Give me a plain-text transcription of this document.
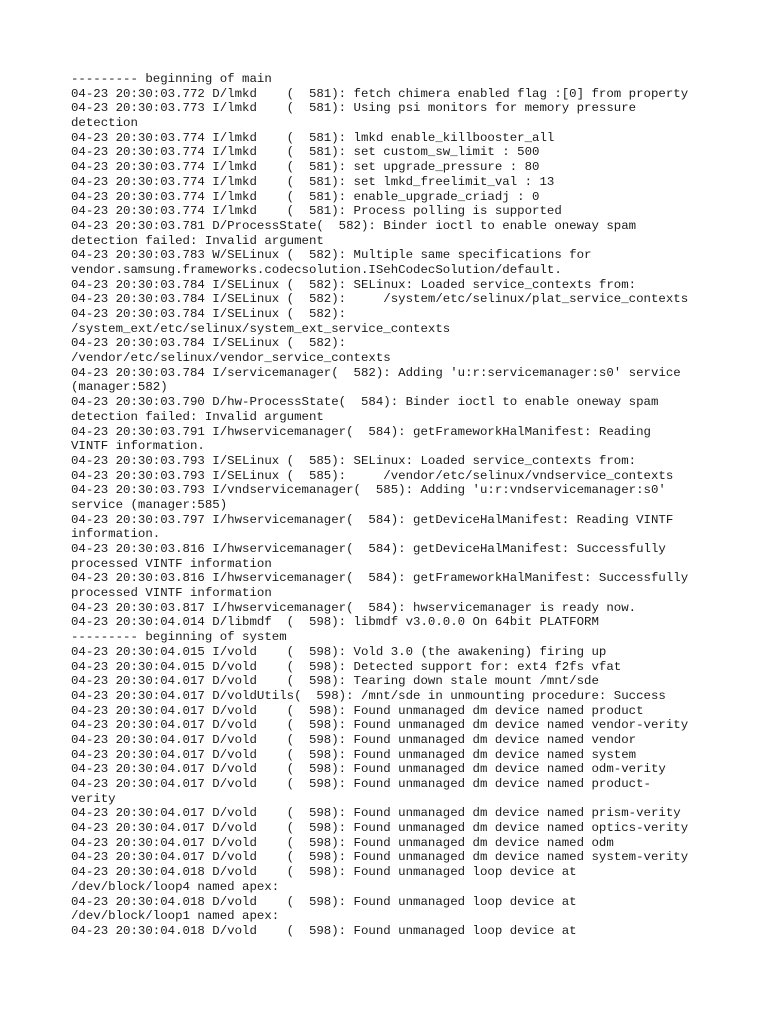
--------- beginning of main
04-23 20:30:03.772 D/lmkd    (  581): fetch chimera enabled flag :[0] from property
04-23 20:30:03.773 I/lmkd    (  581): Using psi monitors for memory pressure
detection
04-23 20:30:03.774 I/lmkd    (  581): lmkd enable_killbooster_all
04-23 20:30:03.774 I/lmkd    (  581): set custom_sw_limit : 500
04-23 20:30:03.774 I/lmkd    (  581): set upgrade_pressure : 80
04-23 20:30:03.774 I/lmkd    (  581): set lmkd_freelimit_val : 13
04-23 20:30:03.774 I/lmkd    (  581): enable_upgrade_criadj : 0
04-23 20:30:03.774 I/lmkd    (  581): Process polling is supported
04-23 20:30:03.781 D/ProcessState(  582): Binder ioctl to enable oneway spam
detection failed: Invalid argument
04-23 20:30:03.783 W/SELinux (  582): Multiple same specifications for
vendor.samsung.frameworks.codecsolution.ISehCodecSolution/default.
04-23 20:30:03.784 I/SELinux (  582): SELinux: Loaded service_contexts from:
04-23 20:30:03.784 I/SELinux (  582):     /system/etc/selinux/plat_service_contexts
04-23 20:30:03.784 I/SELinux (  582):
/system_ext/etc/selinux/system_ext_service_contexts
04-23 20:30:03.784 I/SELinux (  582):
/vendor/etc/selinux/vendor_service_contexts
04-23 20:30:03.784 I/servicemanager(  582): Adding 'u:r:servicemanager:s0' service
(manager:582)
04-23 20:30:03.790 D/hw-ProcessState(  584): Binder ioctl to enable oneway spam
detection failed: Invalid argument
04-23 20:30:03.791 I/hwservicemanager(  584): getFrameworkHalManifest: Reading
VINTF information.
04-23 20:30:03.793 I/SELinux (  585): SELinux: Loaded service_contexts from:
04-23 20:30:03.793 I/SELinux (  585):     /vendor/etc/selinux/vndservice_contexts
04-23 20:30:03.793 I/vndservicemanager(  585): Adding 'u:r:vndservicemanager:s0'
service (manager:585)
04-23 20:30:03.797 I/hwservicemanager(  584): getDeviceHalManifest: Reading VINTF
information.
04-23 20:30:03.816 I/hwservicemanager(  584): getDeviceHalManifest: Successfully
processed VINTF information
04-23 20:30:03.816 I/hwservicemanager(  584): getFrameworkHalManifest: Successfully
processed VINTF information
04-23 20:30:03.817 I/hwservicemanager(  584): hwservicemanager is ready now.
04-23 20:30:04.014 D/libmdf  (  598): libmdf v3.0.0.0 On 64bit PLATFORM
--------- beginning of system
04-23 20:30:04.015 I/vold    (  598): Vold 3.0 (the awakening) firing up
04-23 20:30:04.015 D/vold    (  598): Detected support for: ext4 f2fs vfat
04-23 20:30:04.017 D/vold    (  598): Tearing down stale mount /mnt/sde
04-23 20:30:04.017 D/voldUtils(  598): /mnt/sde in unmounting procedure: Success
04-23 20:30:04.017 D/vold    (  598): Found unmanaged dm device named product
04-23 20:30:04.017 D/vold    (  598): Found unmanaged dm device named vendor-verity
04-23 20:30:04.017 D/vold    (  598): Found unmanaged dm device named vendor
04-23 20:30:04.017 D/vold    (  598): Found unmanaged dm device named system
04-23 20:30:04.017 D/vold    (  598): Found unmanaged dm device named odm-verity
04-23 20:30:04.017 D/vold    (  598): Found unmanaged dm device named product-
verity
04-23 20:30:04.017 D/vold    (  598): Found unmanaged dm device named prism-verity
04-23 20:30:04.017 D/vold    (  598): Found unmanaged dm device named optics-verity
04-23 20:30:04.017 D/vold    (  598): Found unmanaged dm device named odm
04-23 20:30:04.017 D/vold    (  598): Found unmanaged dm device named system-verity
04-23 20:30:04.018 D/vold    (  598): Found unmanaged loop device at
/dev/block/loop4 named apex:
04-23 20:30:04.018 D/vold    (  598): Found unmanaged loop device at
/dev/block/loop1 named apex:
04-23 20:30:04.018 D/vold    (  598): Found unmanaged loop device at
